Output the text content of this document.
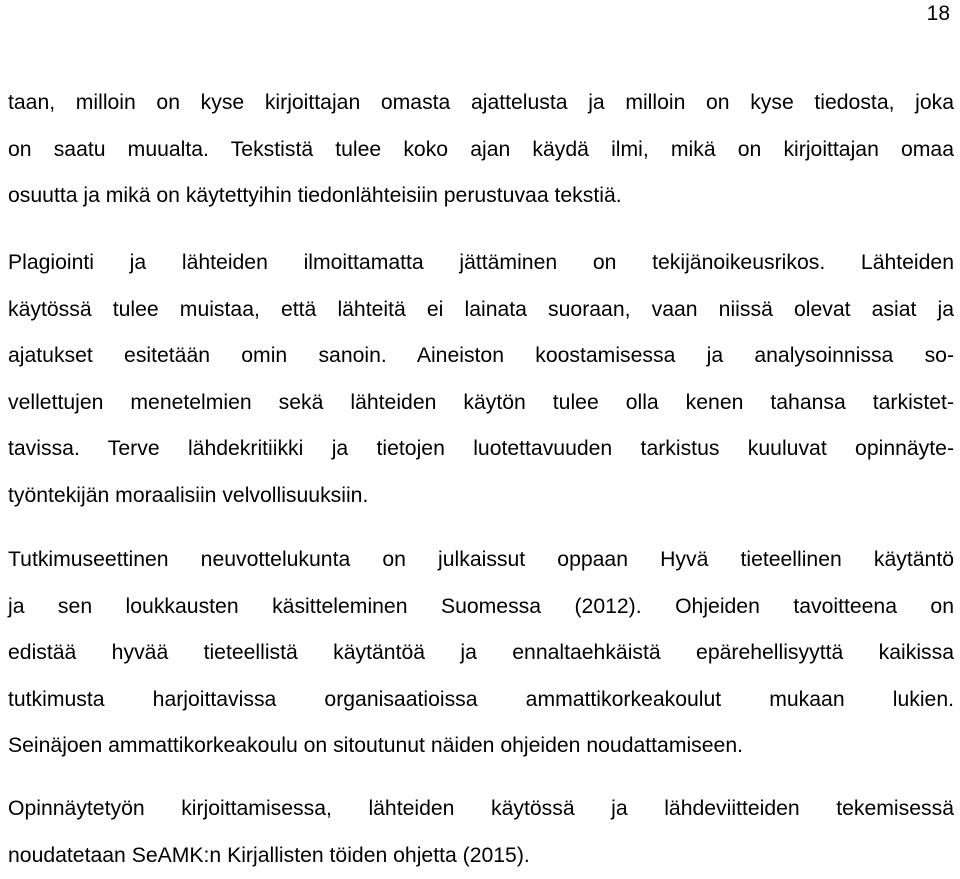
18
taan, milloin on kyse kirjoittajan omasta ajattelusta ja milloin on kyse tiedosta, joka
on saatu muualta. Tekstistä tulee koko ajan käydä ilmi, mikä on kirjoittajan omaa
osuutta ja mikä on käytettyihin tiedonlähteisiin perustuvaa tekstiä.
Plagiointi ja lähteiden ilmoittamatta jättäminen on tekijänoikeusrikos. Lähteiden
käytössä tulee muistaa, että lähteitä ei lainata suoraan, vaan niissä olevat asiat ja
ajatukset esitetään omin sanoin. Aineiston koostamisessa ja analysoinnissa so-
vellettujen menetelmien sekä lähteiden käytön tulee olla kenen tahansa tarkistet-
tavissa. Terve lähdekritiikki ja tietojen luotettavuuden tarkistus kuuluvat opinnäyte-
työntekijän moraalisiin velvollisuuksiin.
Tutkimuseettinen neuvottelukunta on julkaissut oppaan Hyvä tieteellinen käytäntö
ja sen loukkausten käsitteleminen Suomessa (2012). Ohjeiden tavoitteena on
edistää hyvää tieteellistä käytäntöä ja ennaltaehkäistä epärehellisyyttä kaikissa
tutkimusta harjoittavissa organisaatioissa ammattikorkeakoulut mukaan lukien.
Seinäjoen ammattikorkeakoulu on sitoutunut näiden ohjeiden noudattamiseen.
Opinnäytetyön kirjoittamisessa, lähteiden käytössä ja lähdeviitteiden tekemisessä
noudatetaan SeAMK:n Kirjallisten töiden ohjetta (2015).
